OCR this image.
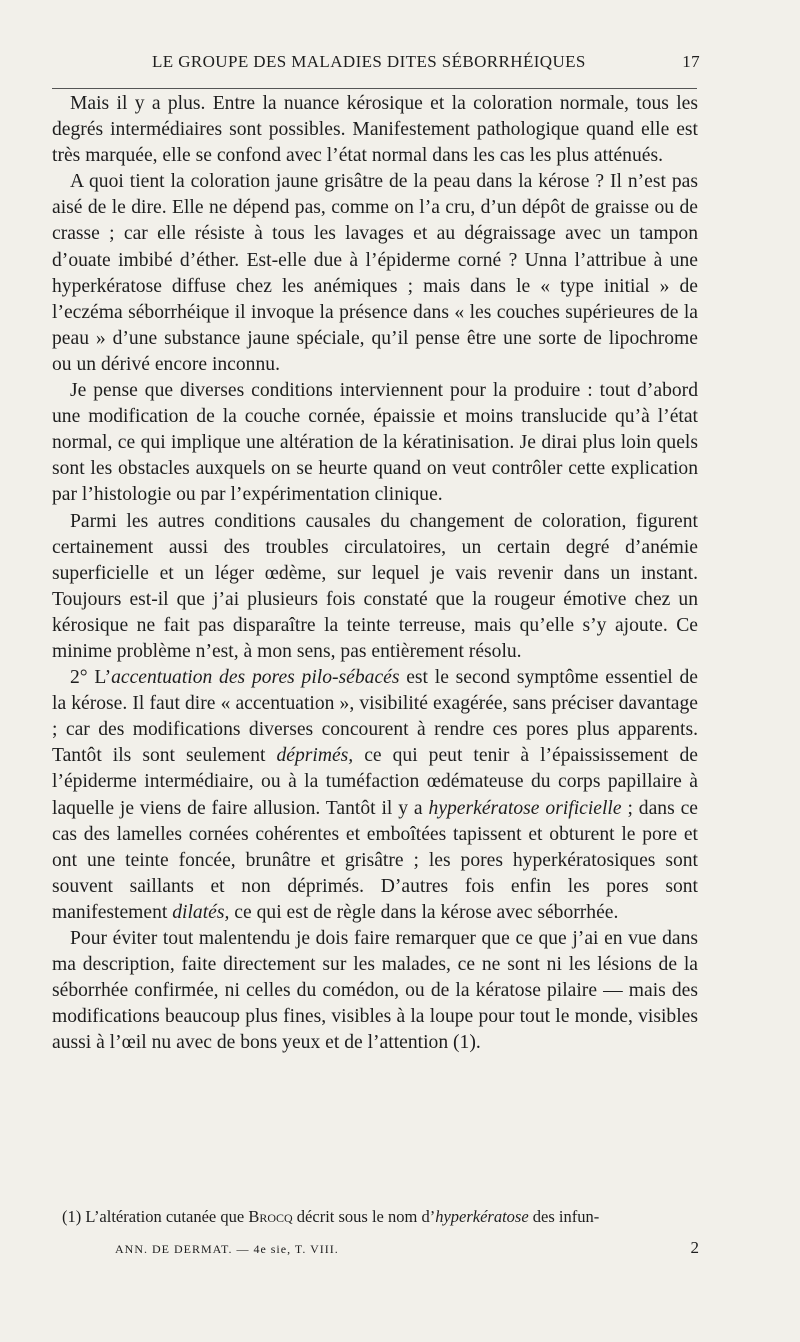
LE GROUPE DES MALADIES DITES SÉBORRHÉIQUES	17

Mais il y a plus. Entre la nuance kérosique et la coloration normale, tous les degrés intermédiaires sont possibles. Manifestement pathologique quand elle est très marquée, elle se confond avec l’état normal dans les cas les plus atténués.

A quoi tient la coloration jaune grisâtre de la peau dans la kérose ? Il n’est pas aisé de le dire. Elle ne dépend pas, comme on l’a cru, d’un dépôt de graisse ou de crasse ; car elle résiste à tous les lavages et au dégraissage avec un tampon d’ouate imbibé d’éther. Est-elle due à l’épiderme corné ? Unna l’attribue à une hyperkératose diffuse chez les anémiques ; mais dans le « type initial » de l’eczéma séborrhéique il invoque la présence dans « les couches supérieures de la peau » d’une substance jaune spéciale, qu’il pense être une sorte de lipochrome ou un dérivé encore inconnu.

Je pense que diverses conditions interviennent pour la produire : tout d’abord une modification de la couche cornée, épaissie et moins translucide qu’à l’état normal, ce qui implique une altération de la kératinisation. Je dirai plus loin quels sont les obstacles auxquels on se heurte quand on veut contrôler cette explication par l’histologie ou par l’expérimentation clinique.

Parmi les autres conditions causales du changement de coloration, figurent certainement aussi des troubles circulatoires, un certain degré d’anémie superficielle et un léger œdème, sur lequel je vais revenir dans un instant. Toujours est-il que j’ai plusieurs fois constaté que la rougeur émotive chez un kérosique ne fait pas disparaître la teinte terreuse, mais qu’elle s’y ajoute. Ce minime problème n’est, à mon sens, pas entièrement résolu.

2° L’accentuation des pores pilo-sébacés est le second symptôme essentiel de la kérose. Il faut dire « accentuation », visibilité exagérée, sans préciser davantage ; car des modifications diverses concourent à rendre ces pores plus apparents. Tantôt ils sont seulement déprimés, ce qui peut tenir à l’épaississement de l’épiderme intermédiaire, ou à la tuméfaction œdémateuse du corps papillaire à laquelle je viens de faire allusion. Tantôt il y a hyperkératose orificielle ; dans ce cas des lamelles cornées cohérentes et emboîtées tapissent et obturent le pore et ont une teinte foncée, brunâtre et grisâtre ; les pores hyperkératosiques sont souvent saillants et non déprimés. D’autres fois enfin les pores sont manifestement dilatés, ce qui est de règle dans la kérose avec séborrhée.

Pour éviter tout malentendu je dois faire remarquer que ce que j’ai en vue dans ma description, faite directement sur les malades, ce ne sont ni les lésions de la séborrhée confirmée, ni celles du comédon, ou de la kératose pilaire — mais des modifications beaucoup plus fines, visibles à la loupe pour tout le monde, visibles aussi à l’œil nu avec de bons yeux et de l’attention (1).

(1) L’altération cutanée que Brocq décrit sous le nom d’hyperkératose des infun-
ANN. DE DERMAT. — 4e sie, T. VIII.	2
